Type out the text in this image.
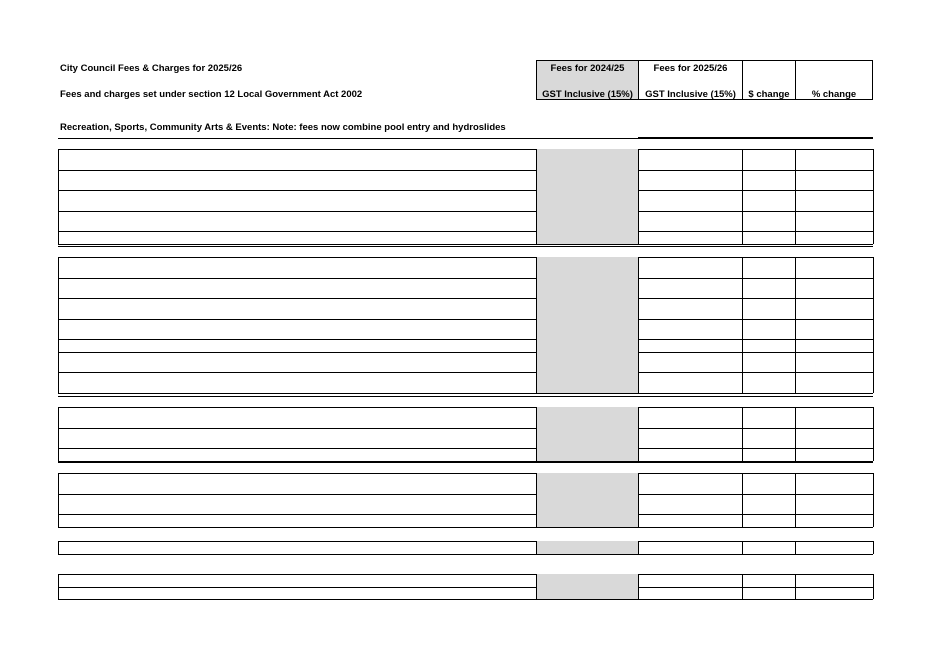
City Council Fees & Charges for 2025/26
Fees and charges set under section 12 Local Government Act 2002
Fees for 2024/25
GST Inclusive (15%)
Fees for 2025/26
GST Inclusive (15%)	$ change	% change
Recreation, Sports, Community Arts & Events: Note: fees now combine pool entry and hydroslides
